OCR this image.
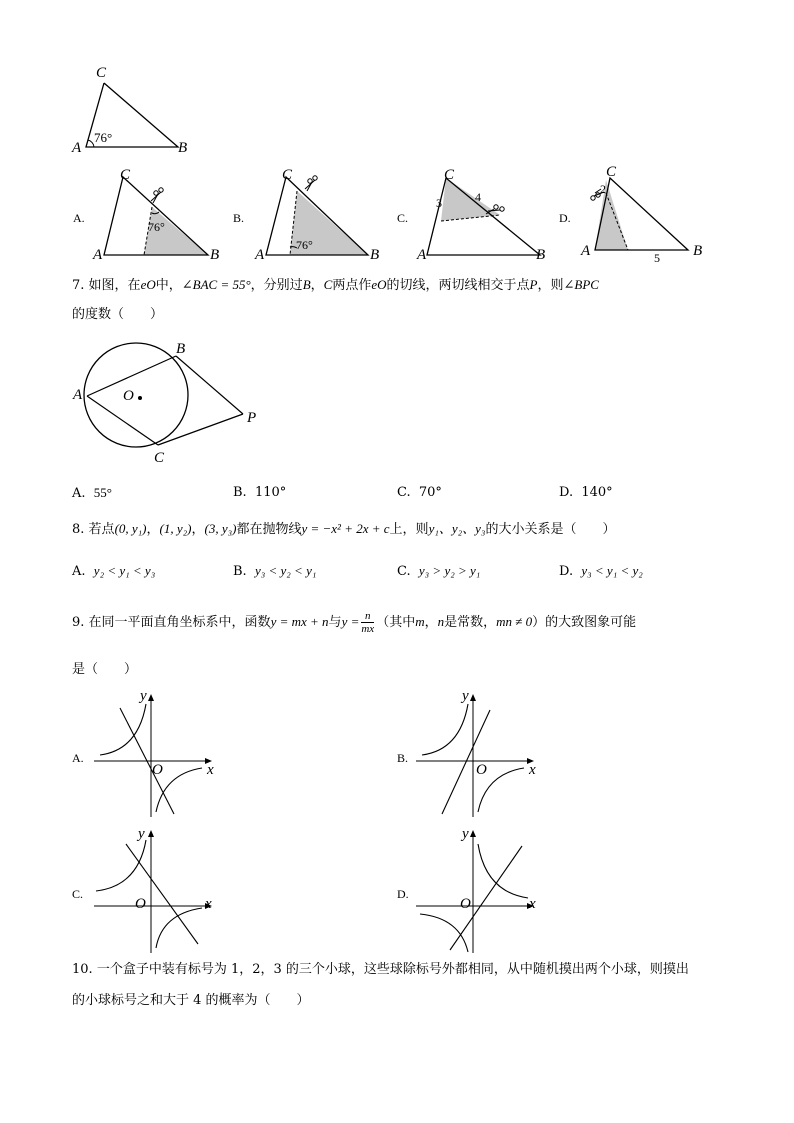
C
A	B
76°
A.
C
A	B
76°
B.
C
A	B
76°
C.
C
A	B
3	4
D.
C
A	B
2
5
7. 如图，在eO中，∠BAC = 55°，分别过B，C两点作eO的切线，两切线相交于点P，则∠BPC
的度数（　　）
A
B
C
O
P
A. 55°	B. 110°	C. 70°	D. 140°
8. 若点(0, y₁)，(1, y₂)，(3, y₃)都在抛物线y = −x² + 2x + c上，则y₁、y₂、y₃的大小关系是（　　）
A. y₂ < y₁ < y₃	B. y₃ < y₂ < y₁	C. y₃ > y₂ > y₁	D. y₃ < y₁ < y₂
9. 在同一平面直角坐标系中，函数y = mx + n与$y = \frac{n}{mx}$ （其中m，n是常数，mn ≠ 0）的大致图象可能
是（　　）
A.
y
x
O
B.
y
x
O
C.
y
x
O
D.
y
x
O
10. 一个盒子中装有标号为 1，2，3 的三个小球，这些球除标号外都相同，从中随机摸出两个小球，则摸出
的小球标号之和大于 4 的概率为（　　）
